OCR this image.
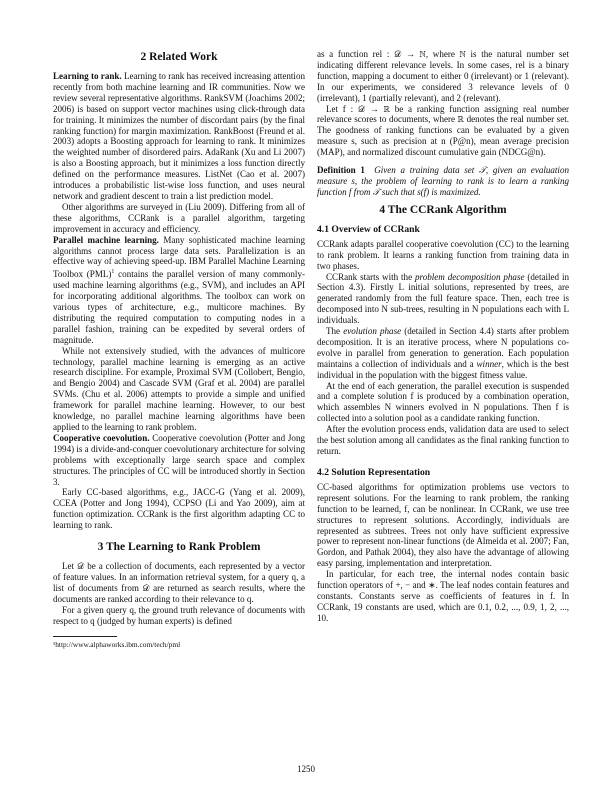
2 Related Work

Learning to rank. Learning to rank has received increasing attention recently from both machine learning and IR communities. Now we review several representative algorithms. RankSVM (Joachims 2002; 2006) is based on support vector machines using click-through data for training. It minimizes the number of discordant pairs (by the final ranking function) for margin maximization. RankBoost (Freund et al. 2003) adopts a Boosting approach for learning to rank. It minimizes the weighted number of disordered pairs. AdaRank (Xu and Li 2007) is also a Boosting approach, but it minimizes a loss function directly defined on the performance measures. ListNet (Cao et al. 2007) introduces a probabilistic list-wise loss function, and uses neural network and gradient descent to train a list prediction model.

Other algorithms are surveyed in (Liu 2009). Differing from all of these algorithms, CCRank is a parallel algorithm, targeting improvement in accuracy and efficiency.

Parallel machine learning. Many sophisticated machine learning algorithms cannot process large data sets. Parallelization is an effective way of achieving speed-up. IBM Parallel Machine Learning Toolbox (PML)$^1$ contains the parallel version of many commonly-used machine learning algorithms (e.g., SVM), and includes an API for incorporating additional algorithms. The toolbox can work on various types of architecture, e.g., multicore machines. By distributing the required computation to computing nodes in a parallel fashion, training can be expedited by several orders of magnitude.

While not extensively studied, with the advances of multicore technology, parallel machine learning is emerging as an active research discipline. For example, Proximal SVM (Collobert, Bengio, and Bengio 2004) and Cascade SVM (Graf et al. 2004) are parallel SVMs. (Chu et al. 2006) attempts to provide a simple and unified framework for parallel machine learning. However, to our best knowledge, no parallel machine learning algorithms have been applied to the learning to rank problem.

Cooperative coevolution. Cooperative coevolution (Potter and Jong 1994) is a divide-and-conquer coevolutionary architecture for solving problems with exceptionally large search space and complex structures. The principles of CC will be introduced shortly in Section 3.

Early CC-based algorithms, e.g., JACC-G (Yang et al. 2009), CCEA (Potter and Jong 1994), CCPSO (Li and Yao 2009), aim at function optimization. CCRank is the first algorithm adapting CC to learning to rank.

3 The Learning to Rank Problem

Let 𝒟 be a collection of documents, each represented by a vector of feature values. In an information retrieval system, for a query q, a list of documents from 𝒟 are returned as search results, where the documents are ranked according to their relevance to q.

For a given query q, the ground truth relevance of documents with respect to q (judged by human experts) is defined

¹http://www.alphaworks.ibm.com/tech/pml

as a function rel : 𝒟 → ℕ, where ℕ is the natural number set indicating different relevance levels. In some cases, rel is a binary function, mapping a document to either 0 (irrelevant) or 1 (relevant). In our experiments, we considered 3 relevance levels of 0 (irrelevant), 1 (partially relevant), and 2 (relevant).

Let f : 𝒟 → ℝ be a ranking function assigning real number relevance scores to documents, where ℝ denotes the real number set. The goodness of ranking functions can be evaluated by a given measure s, such as precision at n (P@n), mean average precision (MAP), and normalized discount cumulative gain (NDCG@n).

Definition 1 Given a training data set 𝒯, given an evaluation measure s, the problem of learning to rank is to learn a ranking function f from 𝒯 such that s(f) is maximized.

4 The CCRank Algorithm
4.1 Overview of CCRank

CCRank adapts parallel cooperative coevolution (CC) to the learning to rank problem. It learns a ranking function from training data in two phases.

CCRank starts with the problem decomposition phase (detailed in Section 4.3). Firstly L initial solutions, represented by trees, are generated randomly from the full feature space. Then, each tree is decomposed into N sub-trees, resulting in N populations each with L individuals.

The evolution phase (detailed in Section 4.4) starts after problem decomposition. It is an iterative process, where N populations co-evolve in parallel from generation to generation. Each population maintains a collection of individuals and a winner, which is the best individual in the population with the biggest fitness value.

At the end of each generation, the parallel execution is suspended and a complete solution f is produced by a combination operation, which assembles N winners evolved in N populations. Then f is collected into a solution pool as a candidate ranking function.

After the evolution process ends, validation data are used to select the best solution among all candidates as the final ranking function to return.

4.2 Solution Representation

CC-based algorithms for optimization problems use vectors to represent solutions. For the learning to rank problem, the ranking function to be learned, f, can be nonlinear. In CCRank, we use tree structures to represent solutions. Accordingly, individuals are represented as subtrees. Trees not only have sufficient expressive power to represent non-linear functions (de Almeida et al. 2007; Fan, Gordon, and Pathak 2004), they also have the advantage of allowing easy parsing, implementation and interpretation.

In particular, for each tree, the internal nodes contain basic function operators of +, − and ∗. The leaf nodes contain features and constants. Constants serve as coefficients of features in f. In CCRank, 19 constants are used, which are 0.1, 0.2, ..., 0.9, 1, 2, ..., 10.

1250
